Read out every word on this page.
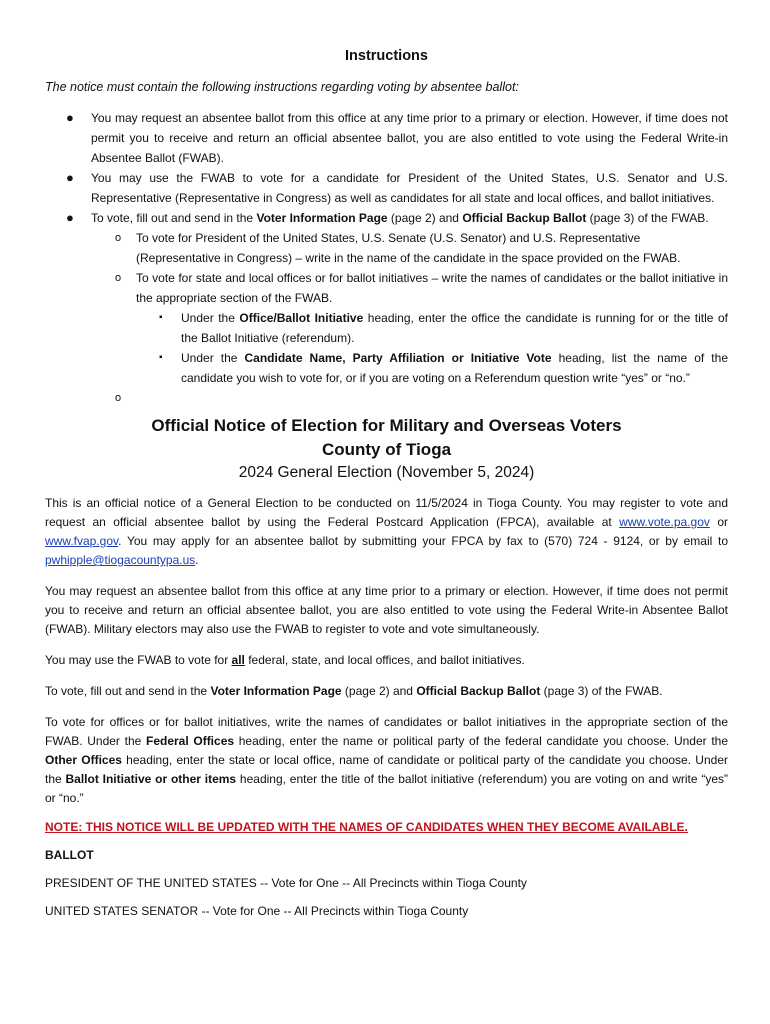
Instructions
The notice must contain the following instructions regarding voting by absentee ballot:
● You may request an absentee ballot from this office at any time prior to a primary or election. However, if time does not permit you to receive and return an official absentee ballot, you are also entitled to vote using the Federal Write-in Absentee Ballot (FWAB).
● You may use the FWAB to vote for a candidate for President of the United States, U.S. Senator and U.S. Representative (Representative in Congress) as well as candidates for all state and local offices, and ballot initiatives.
● To vote, fill out and send in the Voter Information Page (page 2) and Official Backup Ballot (page 3) of the FWAB.
o To vote for President of the United States, U.S. Senate (U.S. Senator) and U.S. Representative (Representative in Congress) – write in the name of the candidate in the space provided on the FWAB.
o To vote for state and local offices or for ballot initiatives – write the names of candidates or the ballot initiative in the appropriate section of the FWAB.
▪ Under the Office/Ballot Initiative heading, enter the office the candidate is running for or the title of the Ballot Initiative (referendum).
▪ Under the Candidate Name, Party Affiliation or Initiative Vote heading, list the name of the candidate you wish to vote for, or if you are voting on a Referendum question write “yes” or “no.”
o

Official Notice of Election for Military and Overseas Voters
County of Tioga
2024 General Election (November 5, 2024)

This is an official notice of a General Election to be conducted on 11/5/2024 in Tioga County. You may register to vote and request an official absentee ballot by using the Federal Postcard Application (FPCA), available at www.vote.pa.gov or www.fvap.gov. You may apply for an absentee ballot by submitting your FPCA by fax to (570) 724 - 9124, or by email to pwhipple@tiogacountypa.us.

You may request an absentee ballot from this office at any time prior to a primary or election. However, if time does not permit you to receive and return an official absentee ballot, you are also entitled to vote using the Federal Write-in Absentee Ballot (FWAB). Military electors may also use the FWAB to register to vote and vote simultaneously.

You may use the FWAB to vote for all federal, state, and local offices, and ballot initiatives.

To vote, fill out and send in the Voter Information Page (page 2) and Official Backup Ballot (page 3) of the FWAB.

To vote for offices or for ballot initiatives, write the names of candidates or ballot initiatives in the appropriate section of the FWAB. Under the Federal Offices heading, enter the name or political party of the federal candidate you choose. Under the Other Offices heading, enter the state or local office, name of candidate or political party of the candidate you choose. Under the Ballot Initiative or other items heading, enter the title of the ballot initiative (referendum) you are voting on and write “yes” or “no.”

NOTE: THIS NOTICE WILL BE UPDATED WITH THE NAMES OF CANDIDATES WHEN THEY BECOME AVAILABLE.
BALLOT
PRESIDENT OF THE UNITED STATES -- Vote for One -- All Precincts within Tioga County
UNITED STATES SENATOR -- Vote for One -- All Precincts within Tioga County
